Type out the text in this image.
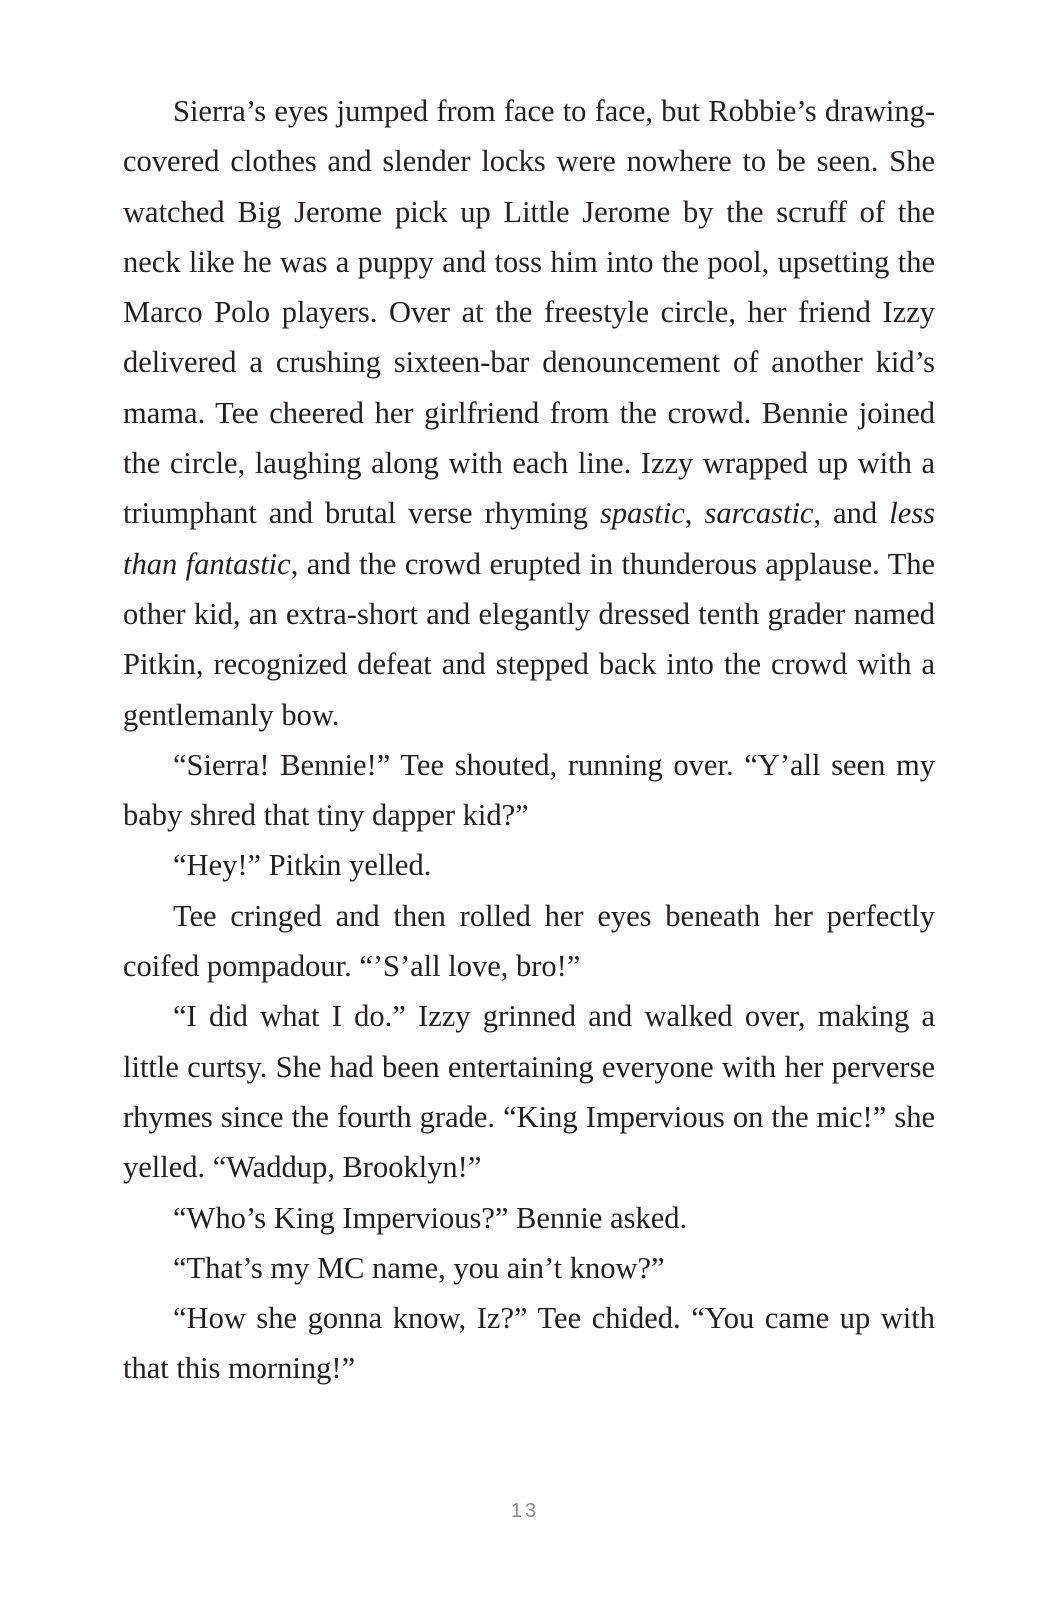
Sierra’s eyes jumped from face to face, but Robbie’s drawing-covered clothes and slender locks were nowhere to be seen. She watched Big Jerome pick up Little Jerome by the scruff of the neck like he was a puppy and toss him into the pool, upsetting the Marco Polo players. Over at the freestyle circle, her friend Izzy delivered a crushing sixteen-bar denouncement of another kid’s mama. Tee cheered her girlfriend from the crowd. Bennie joined the circle, laughing along with each line. Izzy wrapped up with a triumphant and brutal verse rhyming spastic, sarcastic, and less than fantastic, and the crowd erupted in thunderous applause. The other kid, an extra-short and elegantly dressed tenth grader named Pitkin, recognized defeat and stepped back into the crowd with a gentlemanly bow.

“Sierra! Bennie!” Tee shouted, running over. “Y’all seen my baby shred that tiny dapper kid?”

“Hey!” Pitkin yelled.

Tee cringed and then rolled her eyes beneath her perfectly coifed pompadour. “’S’all love, bro!”

“I did what I do.” Izzy grinned and walked over, making a little curtsy. She had been entertaining everyone with her perverse rhymes since the fourth grade. “King Impervious on the mic!” she yelled. “Waddup, Brooklyn!”

“Who’s King Impervious?” Bennie asked.

“That’s my MC name, you ain’t know?”

“How she gonna know, Iz?” Tee chided. “You came up with that this morning!”

13
